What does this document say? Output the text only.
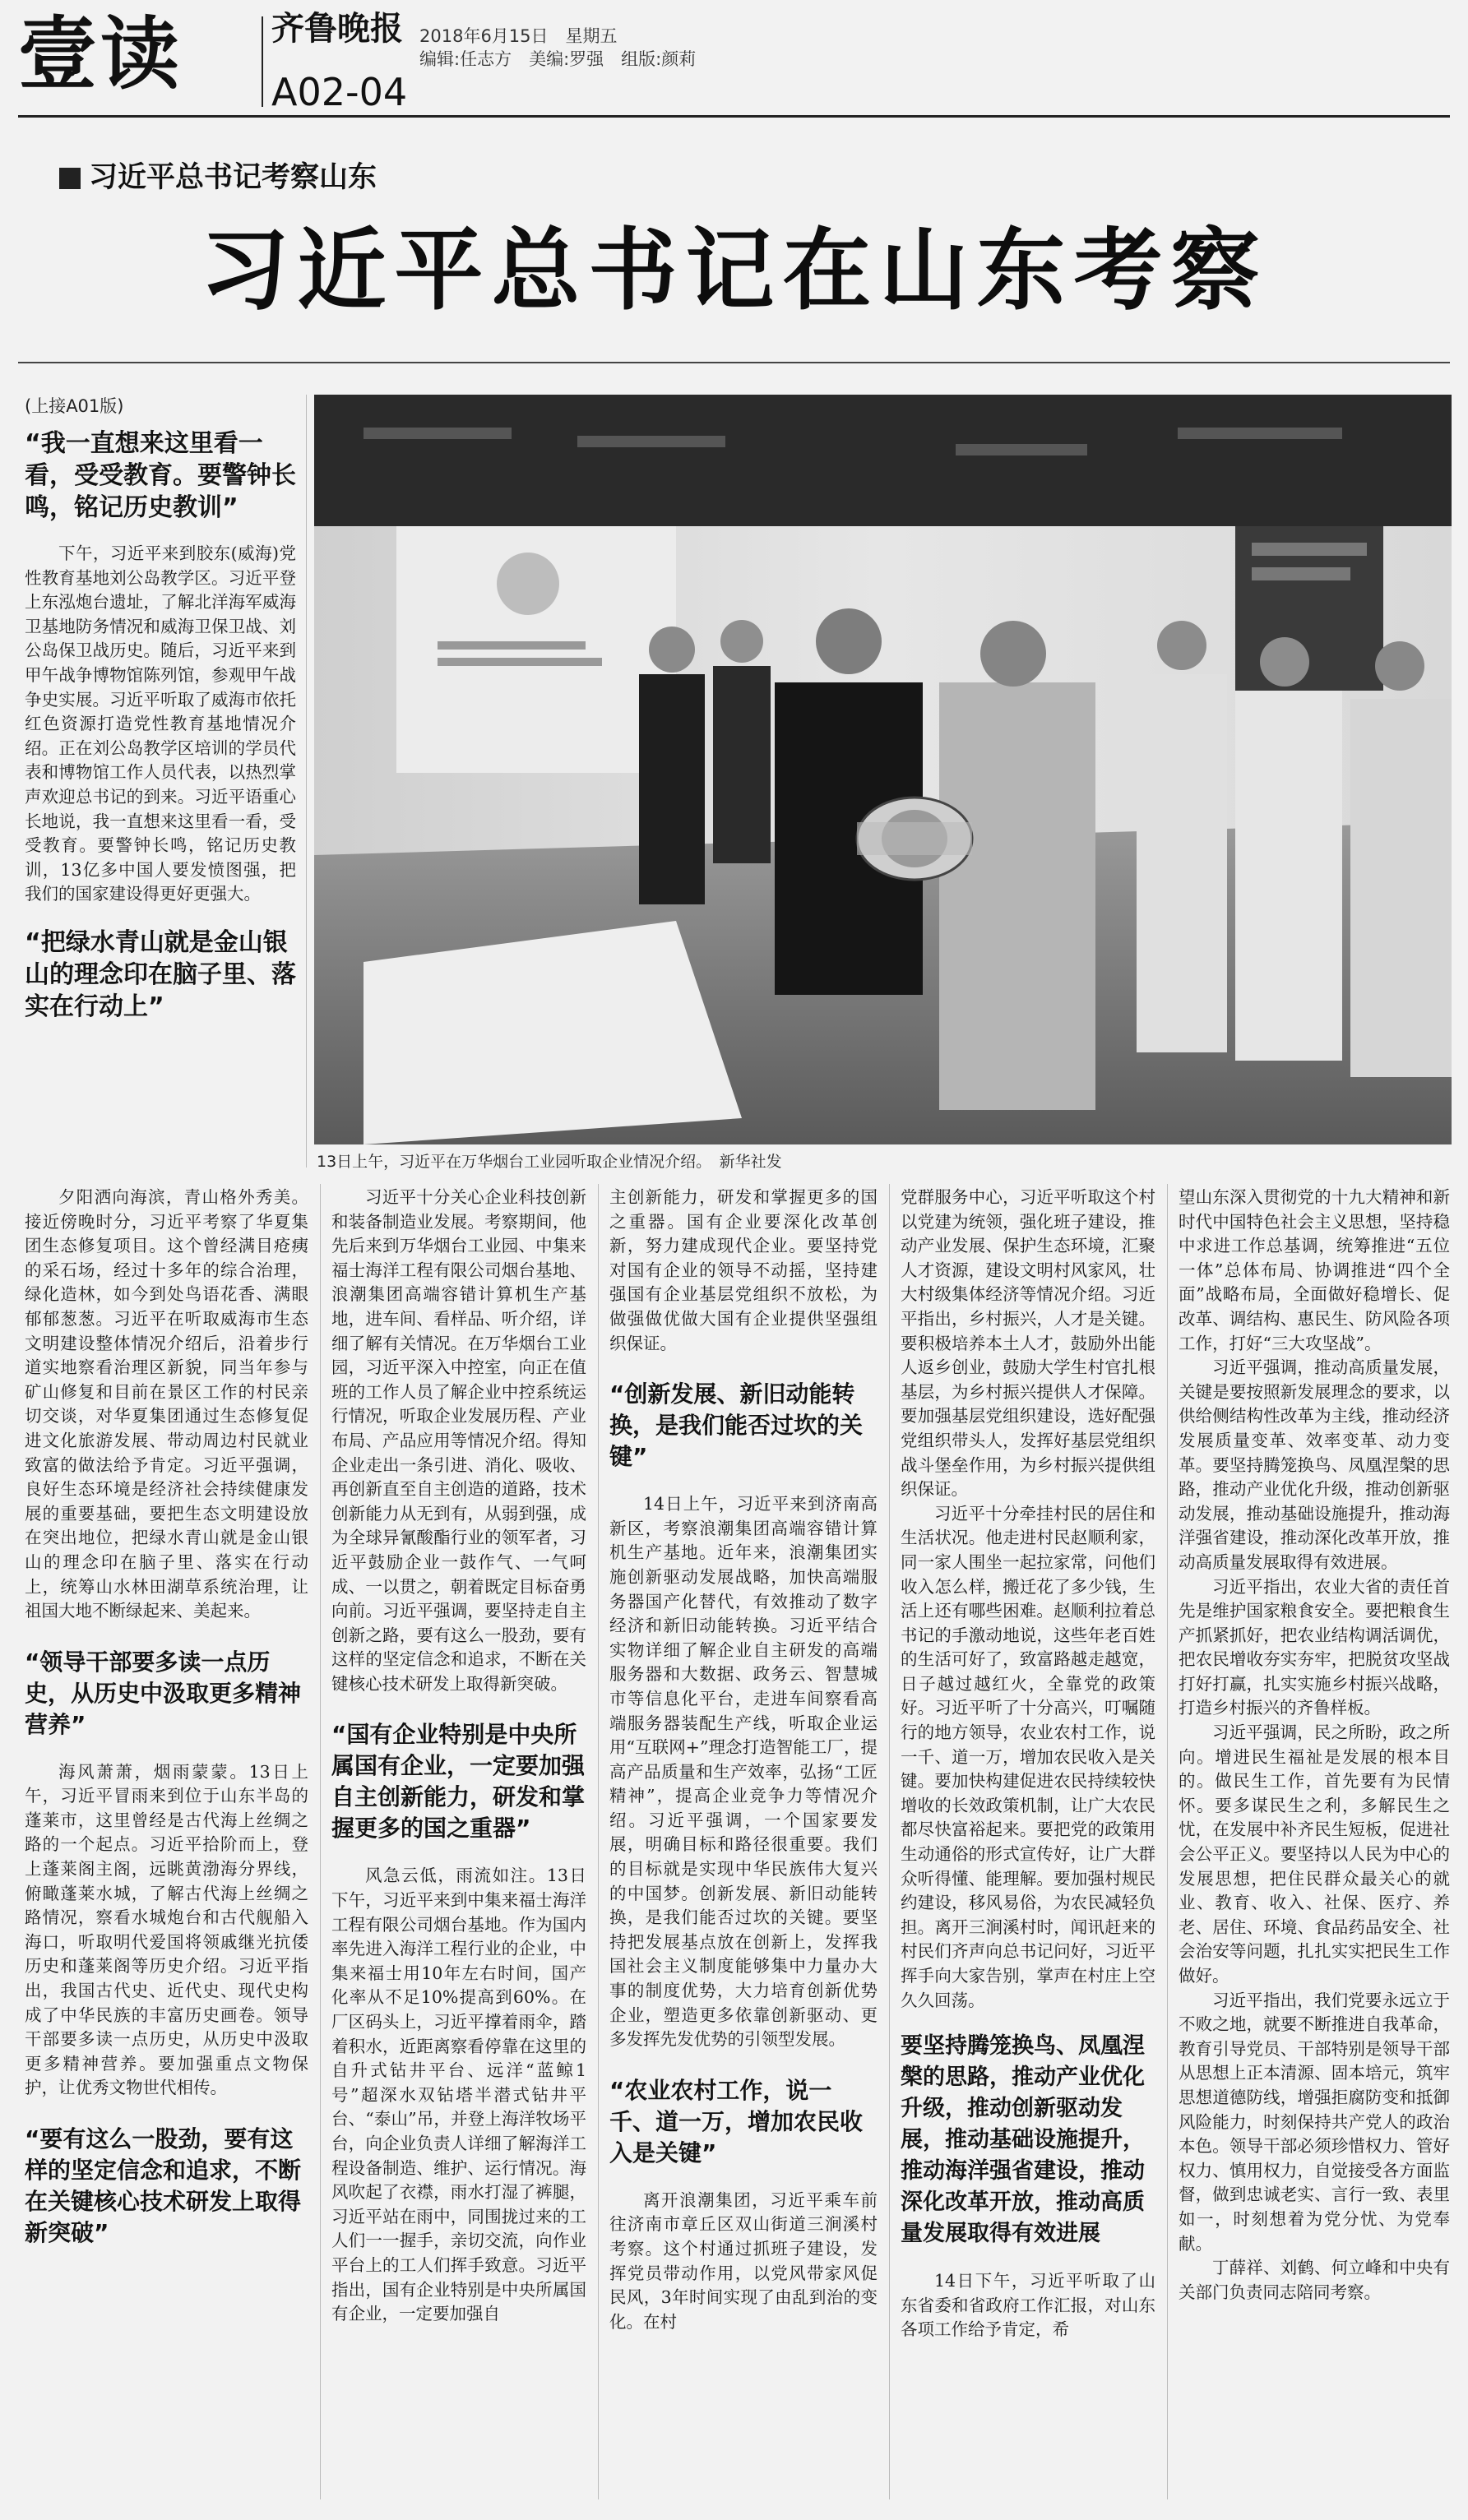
壹读	齐鲁晚报
A02-04
2018年6月15日　星期五
编辑:任志方　美编:罗强　组版:颜莉
习近平总书记考察山东
习近平总书记在山东考察
13日上午，习近平在万华烟台工业园听取企业情况介绍。　新华社发
(上接A01版)
“我一直想来这里看一看，受受教育。要警钟长鸣，铭记历史教训”

下午，习近平来到胶东(威海)党性教育基地刘公岛教学区。习近平登上东泓炮台遗址，了解北洋海军威海卫基地防务情况和威海卫保卫战、刘公岛保卫战历史。随后，习近平来到甲午战争博物馆陈列馆，参观甲午战争史实展。习近平听取了威海市依托红色资源打造党性教育基地情况介绍。正在刘公岛教学区培训的学员代表和博物馆工作人员代表，以热烈掌声欢迎总书记的到来。习近平语重心长地说，我一直想来这里看一看，受受教育。要警钟长鸣，铭记历史教训，13亿多中国人要发愤图强，把我们的国家建设得更好更强大。

“把绿水青山就是金山银山的理念印在脑子里、落实在行动上”

夕阳洒向海滨，青山格外秀美。接近傍晚时分，习近平考察了华夏集团生态修复项目。这个曾经满目疮痍的采石场，经过十多年的综合治理，绿化造林，如今到处鸟语花香、满眼郁郁葱葱。习近平在听取威海市生态文明建设整体情况介绍后，沿着步行道实地察看治理区新貌，同当年参与矿山修复和目前在景区工作的村民亲切交谈，对华夏集团通过生态修复促进文化旅游发展、带动周边村民就业致富的做法给予肯定。习近平强调，良好生态环境是经济社会持续健康发展的重要基础，要把生态文明建设放在突出地位，把绿水青山就是金山银山的理念印在脑子里、落实在行动上，统筹山水林田湖草系统治理，让祖国大地不断绿起来、美起来。

“领导干部要多读一点历史，从历史中汲取更多精神营养”

海风萧萧，烟雨蒙蒙。13日上午，习近平冒雨来到位于山东半岛的蓬莱市，这里曾经是古代海上丝绸之路的一个起点。习近平拾阶而上，登上蓬莱阁主阁，远眺黄渤海分界线，俯瞰蓬莱水城，了解古代海上丝绸之路情况，察看水城炮台和古代舰船入海口，听取明代爱国将领戚继光抗倭历史和蓬莱阁等历史介绍。习近平指出，我国古代史、近代史、现代史构成了中华民族的丰富历史画卷。领导干部要多读一点历史，从历史中汲取更多精神营养。要加强重点文物保护，让优秀文物世代相传。

“要有这么一股劲，要有这样的坚定信念和追求，不断在关键核心技术研发上取得新突破”

习近平十分关心企业科技创新和装备制造业发展。考察期间，他先后来到万华烟台工业园、中集来福士海洋工程有限公司烟台基地、浪潮集团高端容错计算机生产基地，进车间、看样品、听介绍，详细了解有关情况。在万华烟台工业园，习近平深入中控室，向正在值班的工作人员了解企业中控系统运行情况，听取企业发展历程、产业布局、产品应用等情况介绍。得知企业走出一条引进、消化、吸收、再创新直至自主创造的道路，技术创新能力从无到有，从弱到强，成为全球异氰酸酯行业的领军者，习近平鼓励企业一鼓作气、一气呵成、一以贯之，朝着既定目标奋勇向前。习近平强调，要坚持走自主创新之路，要有这么一股劲，要有这样的坚定信念和追求，不断在关键核心技术研发上取得新突破。

“国有企业特别是中央所属国有企业，一定要加强自主创新能力，研发和掌握更多的国之重器”

风急云低，雨流如注。13日下午，习近平来到中集来福士海洋工程有限公司烟台基地。作为国内率先进入海洋工程行业的企业，中集来福士用10年左右时间，国产化率从不足10%提高到60%。在厂区码头上，习近平撑着雨伞，踏着积水，近距离察看停靠在这里的自升式钻井平台、远洋“蓝鲸1号”超深水双钻塔半潜式钻井平台、“泰山”吊，并登上海洋牧场平台，向企业负责人详细了解海洋工程设备制造、维护、运行情况。海风吹起了衣襟，雨水打湿了裤腿，习近平站在雨中，同围拢过来的工人们一一握手，亲切交流，向作业平台上的工人们挥手致意。习近平指出，国有企业特别是中央所属国有企业，一定要加强自

主创新能力，研发和掌握更多的国之重器。国有企业要深化改革创新，努力建成现代企业。要坚持党对国有企业的领导不动摇，坚持建强国有企业基层党组织不放松，为做强做优做大国有企业提供坚强组织保证。

“创新发展、新旧动能转换，是我们能否过坎的关键”

14日上午，习近平来到济南高新区，考察浪潮集团高端容错计算机生产基地。近年来，浪潮集团实施创新驱动发展战略，加快高端服务器国产化替代，有效推动了数字经济和新旧动能转换。习近平结合实物详细了解企业自主研发的高端服务器和大数据、政务云、智慧城市等信息化平台，走进车间察看高端服务器装配生产线，听取企业运用“互联网+”理念打造智能工厂，提高产品质量和生产效率，弘扬“工匠精神”，提高企业竞争力等情况介绍。习近平强调，一个国家要发展，明确目标和路径很重要。我们的目标就是实现中华民族伟大复兴的中国梦。创新发展、新旧动能转换，是我们能否过坎的关键。要坚持把发展基点放在创新上，发挥我国社会主义制度能够集中力量办大事的制度优势，大力培育创新优势企业，塑造更多依靠创新驱动、更多发挥先发优势的引领型发展。

“农业农村工作，说一千、道一万，增加农民收入是关键”

离开浪潮集团，习近平乘车前往济南市章丘区双山街道三涧溪村考察。这个村通过抓班子建设，发挥党员带动作用，以党风带家风促民风，3年时间实现了由乱到治的变化。在村

党群服务中心，习近平听取这个村以党建为统领，强化班子建设，推动产业发展、保护生态环境，汇聚人才资源，建设文明村风家风，壮大村级集体经济等情况介绍。习近平指出，乡村振兴，人才是关键。要积极培养本土人才，鼓励外出能人返乡创业，鼓励大学生村官扎根基层，为乡村振兴提供人才保障。要加强基层党组织建设，选好配强党组织带头人，发挥好基层党组织战斗堡垒作用，为乡村振兴提供组织保证。

习近平十分牵挂村民的居住和生活状况。他走进村民赵顺利家，同一家人围坐一起拉家常，问他们收入怎么样，搬迁花了多少钱，生活上还有哪些困难。赵顺利拉着总书记的手激动地说，这些年老百姓的生活可好了，致富路越走越宽，日子越过越红火，全靠党的政策好。习近平听了十分高兴，叮嘱随行的地方领导，农业农村工作，说一千、道一万，增加农民收入是关键。要加快构建促进农民持续较快增收的长效政策机制，让广大农民都尽快富裕起来。要把党的政策用生动通俗的形式宣传好，让广大群众听得懂、能理解。要加强村规民约建设，移风易俗，为农民减轻负担。离开三涧溪村时，闻讯赶来的村民们齐声向总书记问好，习近平挥手向大家告别，掌声在村庄上空久久回荡。

要坚持腾笼换鸟、凤凰涅槃的思路，推动产业优化升级，推动创新驱动发展，推动基础设施提升，推动海洋强省建设，推动深化改革开放，推动高质量发展取得有效进展

14日下午，习近平听取了山东省委和省政府工作汇报，对山东各项工作给予肯定，希

望山东深入贯彻党的十九大精神和新时代中国特色社会主义思想，坚持稳中求进工作总基调，统筹推进“五位一体”总体布局、协调推进“四个全面”战略布局，全面做好稳增长、促改革、调结构、惠民生、防风险各项工作，打好“三大攻坚战”。

习近平强调，推动高质量发展，关键是要按照新发展理念的要求，以供给侧结构性改革为主线，推动经济发展质量变革、效率变革、动力变革。要坚持腾笼换鸟、凤凰涅槃的思路，推动产业优化升级，推动创新驱动发展，推动基础设施提升，推动海洋强省建设，推动深化改革开放，推动高质量发展取得有效进展。

习近平指出，农业大省的责任首先是维护国家粮食安全。要把粮食生产抓紧抓好，把农业结构调活调优，把农民增收夯实夯牢，把脱贫攻坚战打好打赢，扎实实施乡村振兴战略，打造乡村振兴的齐鲁样板。

习近平强调，民之所盼，政之所向。增进民生福祉是发展的根本目的。做民生工作，首先要有为民情怀。要多谋民生之利，多解民生之忧，在发展中补齐民生短板，促进社会公平正义。要坚持以人民为中心的发展思想，把住民群众最关心的就业、教育、收入、社保、医疗、养老、居住、环境、食品药品安全、社会治安等问题，扎扎实实把民生工作做好。

习近平指出，我们党要永远立于不败之地，就要不断推进自我革命，教育引导党员、干部特别是领导干部从思想上正本清源、固本培元，筑牢思想道德防线，增强拒腐防变和抵御风险能力，时刻保持共产党人的政治本色。领导干部必须珍惜权力、管好权力、慎用权力，自觉接受各方面监督，做到忠诚老实、言行一致、表里如一，时刻想着为党分忧、为党奉献。

丁薛祥、刘鹤、何立峰和中央有关部门负责同志陪同考察。
